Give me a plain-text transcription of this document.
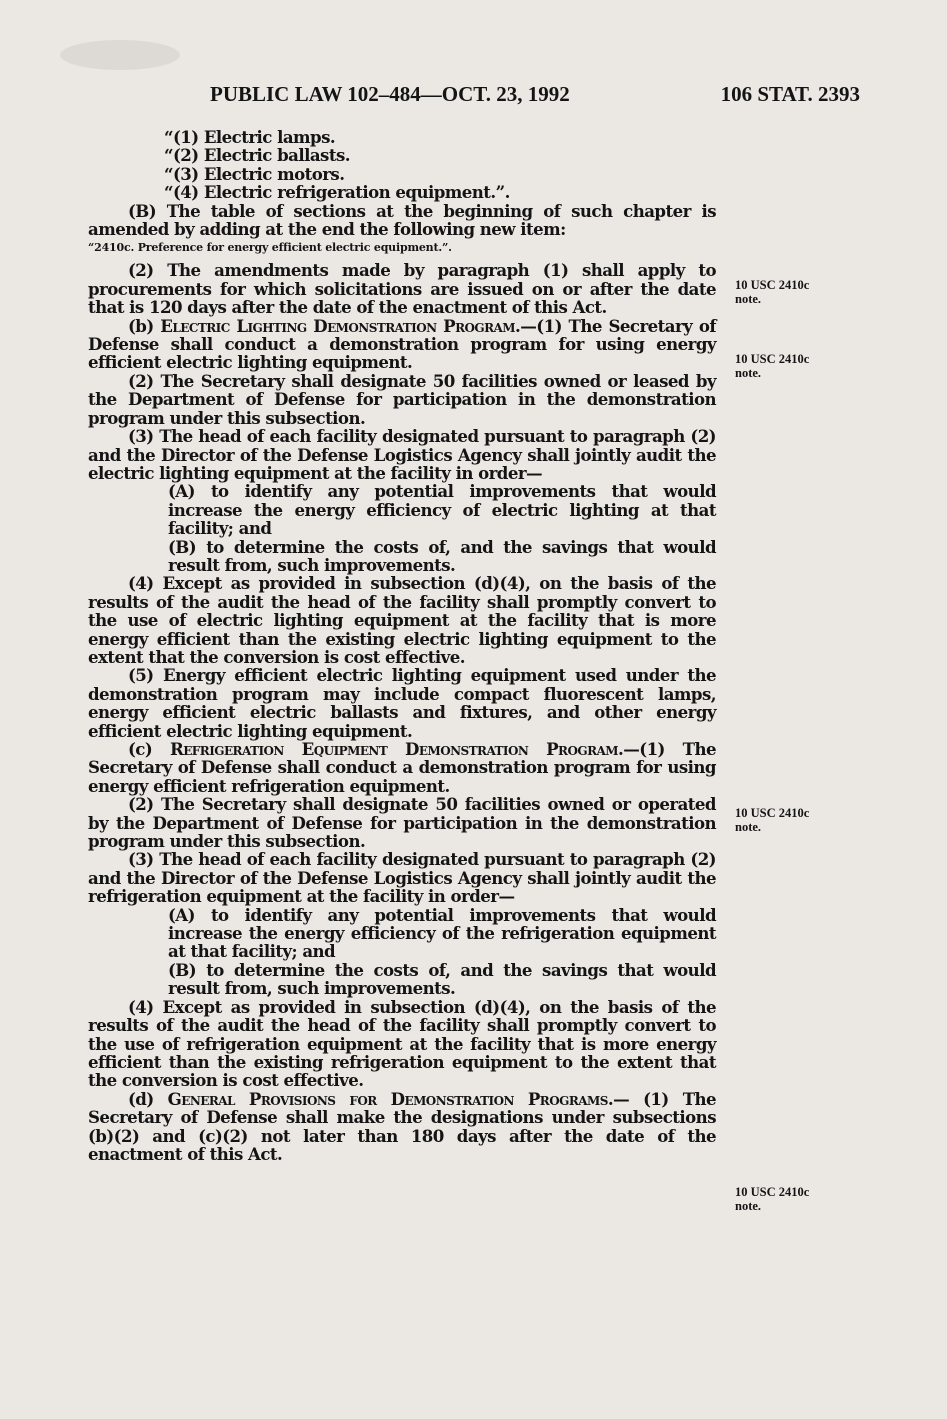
PUBLIC LAW 102–484—OCT. 23, 1992	106 STAT. 2393

“(1) Electric lamps.

“(2) Electric ballasts.

“(3) Electric motors.

“(4) Electric refrigeration equipment.”.

(B) The table of sections at the beginning of such chapter is amended by adding at the end the following new item:

“2410c. Preference for energy efficient electric equipment.”.

(2) The amendments made by paragraph (1) shall apply to procurements for which solicitations are issued on or after the date that is 120 days after the date of the enactment of this Act.

(b) Electric Lighting Demonstration Program.—(1) The Secretary of Defense shall conduct a demonstration program for using energy efficient electric lighting equipment.

(2) The Secretary shall designate 50 facilities owned or leased by the Department of Defense for participation in the demonstration program under this subsection.

(3) The head of each facility designated pursuant to paragraph (2) and the Director of the Defense Logistics Agency shall jointly audit the electric lighting equipment at the facility in order—

(A) to identify any potential improvements that would increase the energy efficiency of electric lighting at that facility; and

(B) to determine the costs of, and the savings that would result from, such improvements.

(4) Except as provided in subsection (d)(4), on the basis of the results of the audit the head of the facility shall promptly convert to the use of electric lighting equipment at the facility that is more energy efficient than the existing electric lighting equipment to the extent that the conversion is cost effective.

(5) Energy efficient electric lighting equipment used under the demonstration program may include compact fluorescent lamps, energy efficient electric ballasts and fixtures, and other energy efficient electric lighting equipment.

(c) Refrigeration Equipment Demonstration Program.—(1) The Secretary of Defense shall conduct a demonstration program for using energy efficient refrigeration equipment.

(2) The Secretary shall designate 50 facilities owned or operated by the Department of Defense for participation in the demonstration program under this subsection.

(3) The head of each facility designated pursuant to paragraph (2) and the Director of the Defense Logistics Agency shall jointly audit the refrigeration equipment at the facility in order—

(A) to identify any potential improvements that would increase the energy efficiency of the refrigeration equipment at that facility; and

(B) to determine the costs of, and the savings that would result from, such improvements.

(4) Except as provided in subsection (d)(4), on the basis of the results of the audit the head of the facility shall promptly convert to the use of refrigeration equipment at the facility that is more energy efficient than the existing refrigeration equipment to the extent that the conversion is cost effective.

(d) General Provisions for Demonstration Programs.— (1) The Secretary of Defense shall make the designations under subsections (b)(2) and (c)(2) not later than 180 days after the date of the enactment of this Act.

10 USC 2410c
note.
10 USC 2410c
note.
10 USC 2410c
note.
10 USC 2410c
note.
